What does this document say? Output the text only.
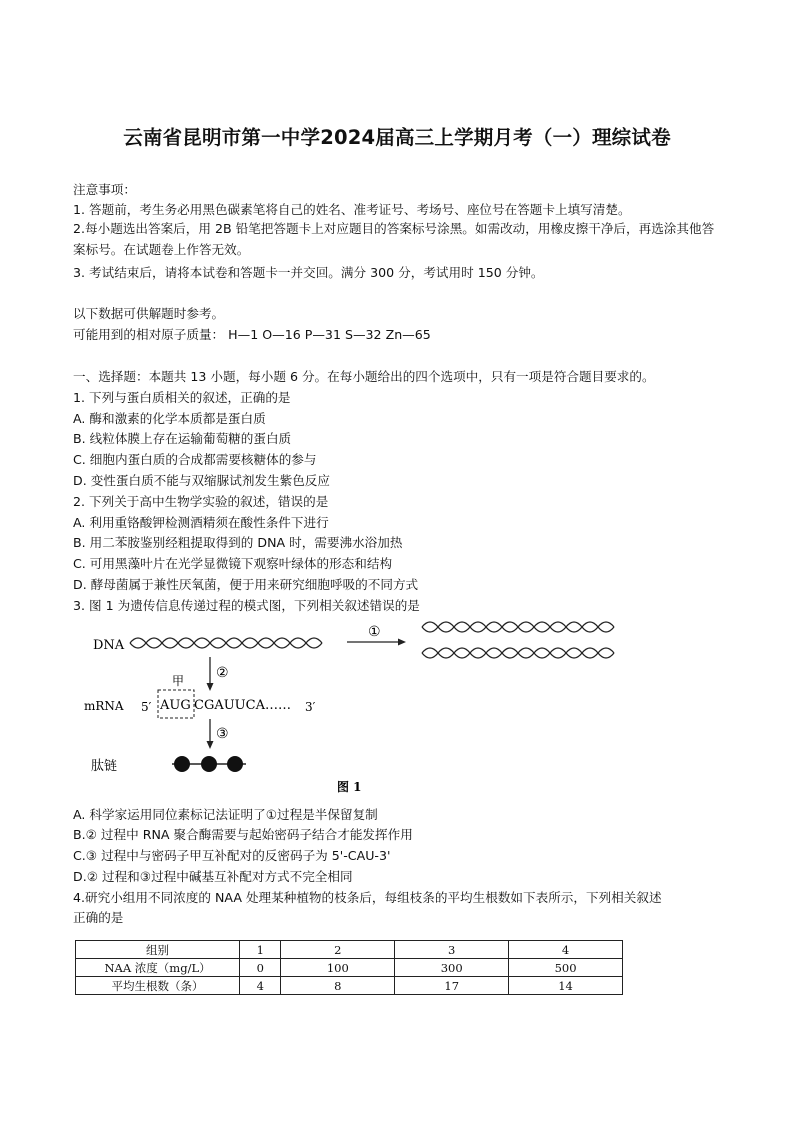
云南省昆明市第一中学2024届高三上学期月考（一）理综试卷
注意事项：
1. 答题前，考生务必用黑色碳素笔将自己的姓名、准考证号、考场号、座位号在答题卡上填写清楚。
2.每小题选出答案后，用 2B 铅笔把答题卡上对应题目的答案标号涂黑。如需改动，用橡皮擦干净后，再选涂其他答案标号。在试题卷上作答无效。
3. 考试结束后，请将本试卷和答题卡一并交回。满分 300 分，考试用时 150 分钟。
以下数据可供解题时参考。
可能用到的相对原子质量： H—1 O—16 P—31 S—32 Zn—65
一、选择题：本题共 13 小题，每小题 6 分。在每小题给出的四个选项中，只有一项是符合题目要求的。
1. 下列与蛋白质相关的叙述，正确的是
A. 酶和激素的化学本质都是蛋白质
B. 线粒体膜上存在运输葡萄糖的蛋白质
C. 细胞内蛋白质的合成都需要核糖体的参与
D. 变性蛋白质不能与双缩脲试剂发生紫色反应
2. 下列关于高中生物学实验的叙述，错误的是
A. 利用重铬酸钾检测酒精须在酸性条件下进行
B. 用二苯胺鉴别经粗提取得到的 DNA 时，需要沸水浴加热
C. 可用黑藻叶片在光学显微镜下观察叶绿体的形态和结构
D. 酵母菌属于兼性厌氧菌，便于用来研究细胞呼吸的不同方式
3. 图 1 为遗传信息传递过程的模式图，下列相关叙述错误的是
DNA
①
②
甲
mRNA 5′ AUG CGAUUCA…… 3′
③
肽链
图 1
A. 科学家运用同位素标记法证明了①过程是半保留复制
B.② 过程中 RNA 聚合酶需要与起始密码子结合才能发挥作用
C.③ 过程中与密码子甲互补配对的反密码子为 5'-CAU-3'
D.② 过程和③过程中碱基互补配对方式不完全相同
4.研究小组用不同浓度的 NAA 处理某种植物的枝条后，每组枝条的平均生根数如下表所示，下列相关叙述
正确的是
组别	1	2	3	4
NAA 浓度（mg/L）	0	100	300	500
平均生根数（条）	4	8	17	14
